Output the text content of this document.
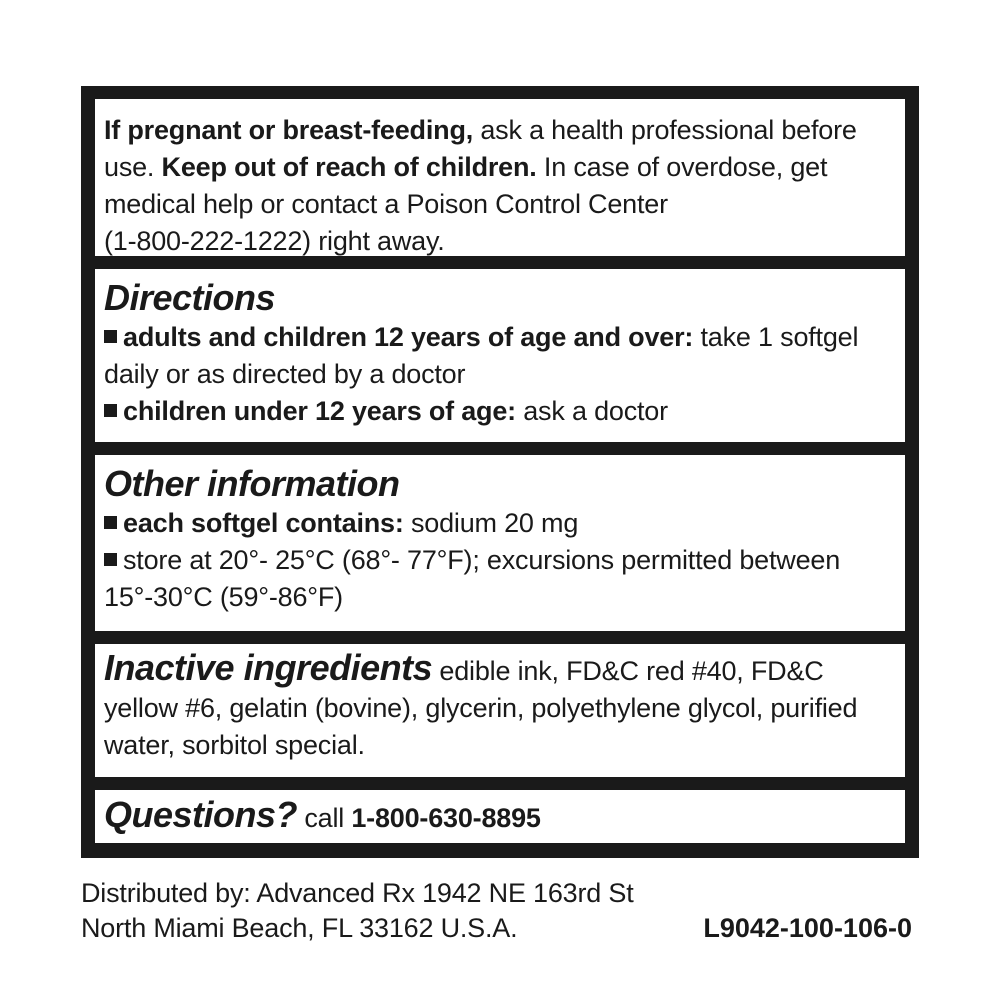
If pregnant or breast-feeding, ask a health professional before
use. Keep out of reach of children. In case of overdose, get
medical help or contact a Poison Control Center
(1-800-222-1222) right away.
Directions
adults and children 12 years of age and over: take 1 softgel
daily or as directed by a doctor
children under 12 years of age: ask a doctor
Other information
each softgel contains: sodium 20 mg
store at 20°- 25°C (68°- 77°F); excursions permitted between
15°-30°C (59°-86°F)
Inactive ingredients edible ink, FD&C red #40, FD&C
yellow #6, gelatin (bovine), glycerin, polyethylene glycol, purified
water, sorbitol special.
Questions? call 1-800-630-8895
Distributed by: Advanced Rx 1942 NE 163rd St
North Miami Beach, FL 33162 U.S.A.	L9042-100-106-0
